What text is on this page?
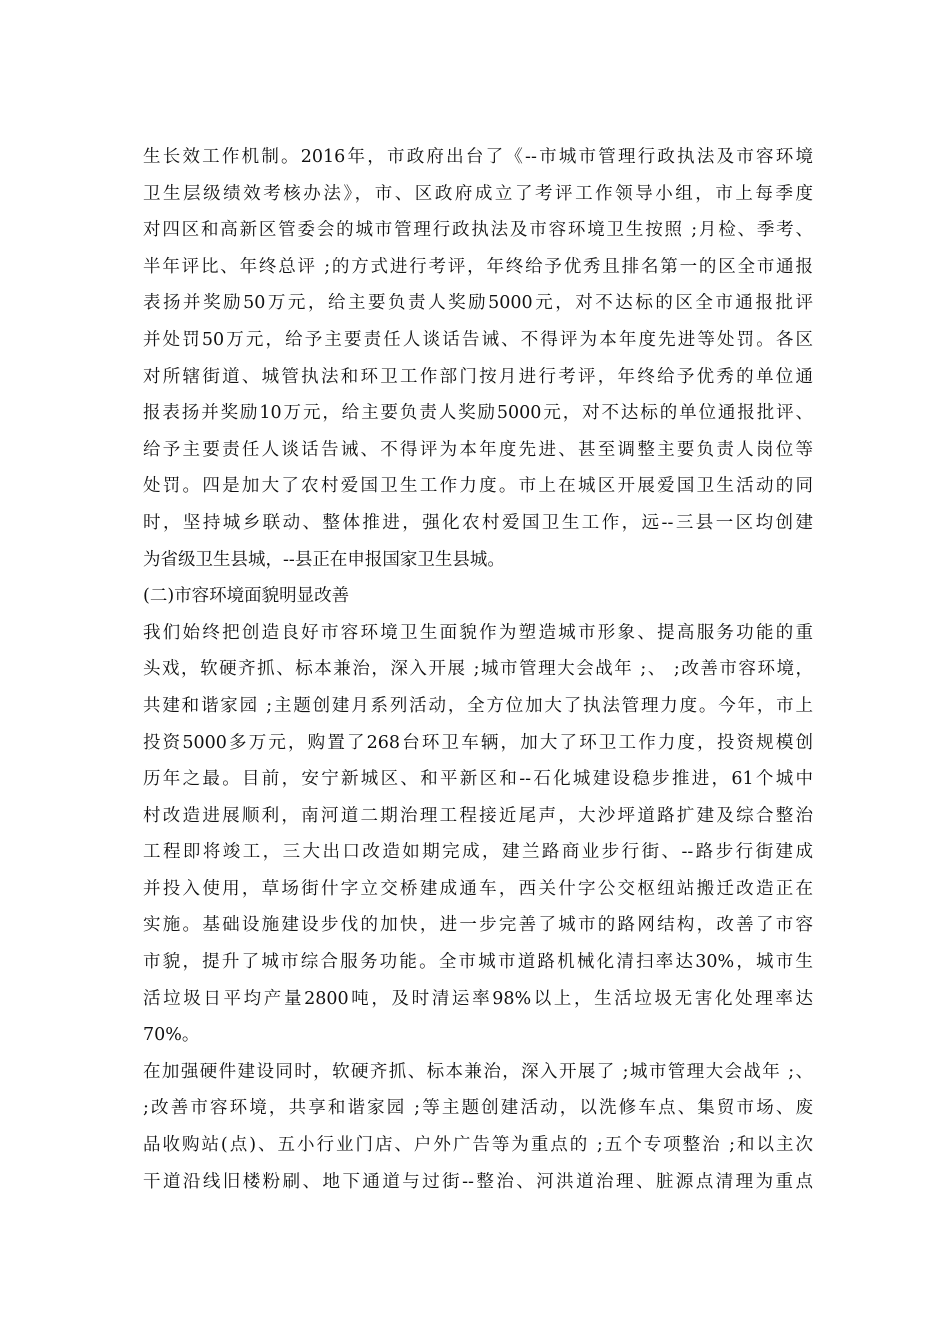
生长效工作机制。2016年，市政府出台了《--市城市管理行政执法及市容环境
卫生层级绩效考核办法》，市、区政府成立了考评工作领导小组，市上每季度
对四区和高新区管委会的城市管理行政执法及市容环境卫生按照 ;月检、季考、
半年评比、年终总评 ;的方式进行考评，年终给予优秀且排名第一的区全市通报
表扬并奖励50万元，给主要负责人奖励5000元，对不达标的区全市通报批评
并处罚50万元，给予主要责任人谈话告诫、不得评为本年度先进等处罚。各区
对所辖街道、城管执法和环卫工作部门按月进行考评，年终给予优秀的单位通
报表扬并奖励10万元，给主要负责人奖励5000元，对不达标的单位通报批评、
给予主要责任人谈话告诫、不得评为本年度先进、甚至调整主要负责人岗位等
处罚。四是加大了农村爱国卫生工作力度。市上在城区开展爱国卫生活动的同
时，坚持城乡联动、整体推进，强化农村爱国卫生工作，远--三县一区均创建
为省级卫生县城，--县正在申报国家卫生县城。
(二)市容环境面貌明显改善
我们始终把创造良好市容环境卫生面貌作为塑造城市形象、提高服务功能的重
头戏，软硬齐抓、标本兼治，深入开展 ;城市管理大会战年 ;、 ;改善市容环境，
共建和谐家园 ;主题创建月系列活动，全方位加大了执法管理力度。今年，市上
投资5000多万元，购置了268台环卫车辆，加大了环卫工作力度，投资规模创
历年之最。目前，安宁新城区、和平新区和--石化城建设稳步推进，61个城中
村改造进展顺利，南河道二期治理工程接近尾声，大沙坪道路扩建及综合整治
工程即将竣工，三大出口改造如期完成，建兰路商业步行街、--路步行街建成
并投入使用，草场街什字立交桥建成通车，西关什字公交枢纽站搬迁改造正在
实施。基础设施建设步伐的加快，进一步完善了城市的路网结构，改善了市容
市貌，提升了城市综合服务功能。全市城市道路机械化清扫率达30%，城市生
活垃圾日平均产量2800吨，及时清运率98%以上，生活垃圾无害化处理率达
70%。
在加强硬件建设同时，软硬齐抓、标本兼治，深入开展了 ;城市管理大会战年 ;、
;改善市容环境，共享和谐家园 ;等主题创建活动，以洗修车点、集贸市场、废
品收购站(点)、五小行业门店、户外广告等为重点的 ;五个专项整治 ;和以主次
干道沿线旧楼粉刷、地下通道与过街--整治、河洪道治理、脏源点清理为重点
